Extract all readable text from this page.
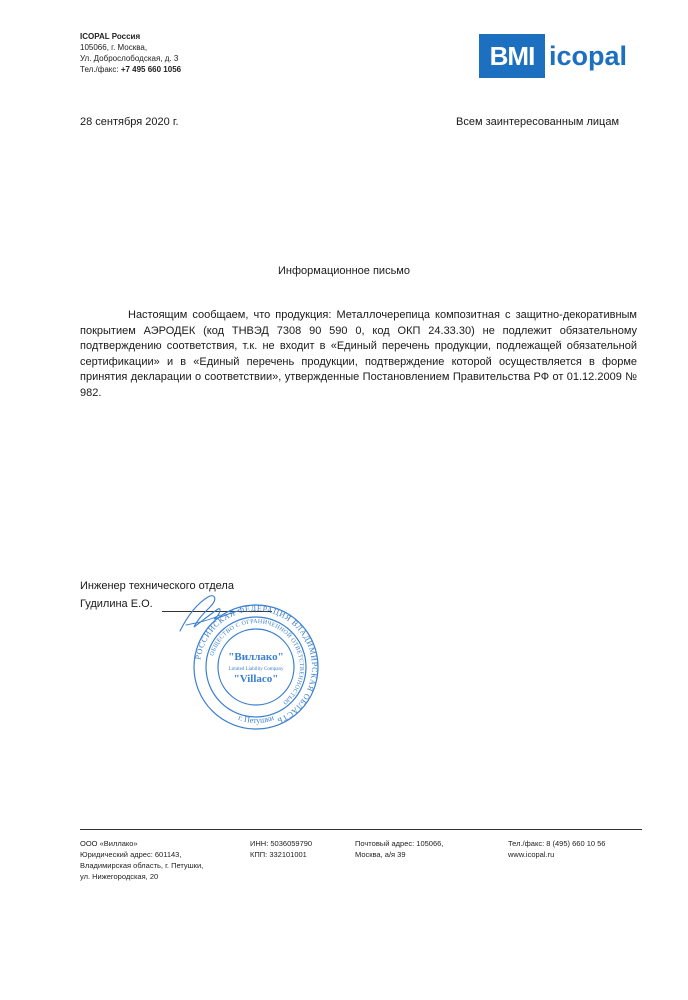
ICOPAL Россия
105066, г. Москва,
Ул. Доброслободская, д. 3
Тел./факс: +7 495 660 1056	BMI icopal
28 сентября 2020 г.	Всем заинтересованным лицам
Информационное письмо
Настоящим сообщаем, что продукция: Металлочерепица композитная с защитно-декоративным покрытием АЭРОДЕК (код ТНВЭД 7308 90 590 0, код ОКП 24.33.30) не подлежит обязательному подтверждению соответствия, т.к. не входит в «Единый перечень продукции, подлежащей обязательной сертификации» и в «Единый перечень продукции, подтверждение которой осуществляется в форме принятия декларации о соответствии», утвержденные Постановлением Правительства РФ от 01.12.2009 № 982.
Инженер технического отдела
Гудилина Е.О.
РОССИЙСКАЯ ФЕДЕРАЦИЯ ВЛАДИМИРСКАЯ ОБЛАСТЬ
ОБЩЕСТВО С ОГРАНИЧЕННОЙ ОТВЕТСТВЕННОСТЬЮ
г. Петушки
"Виллако"
Limited Liability Company
"Villaco"
ООО «Виллако»
Юридический адрес: 601143,
Владимирская область, г. Петушки,
ул. Нижегородская, 20
ИНН: 5036059790
КПП: 332101001
Почтовый адрес: 105066,
Москва, а/я 39
Тел./факс: 8 (495) 660 10 56
www.icopal.ru
